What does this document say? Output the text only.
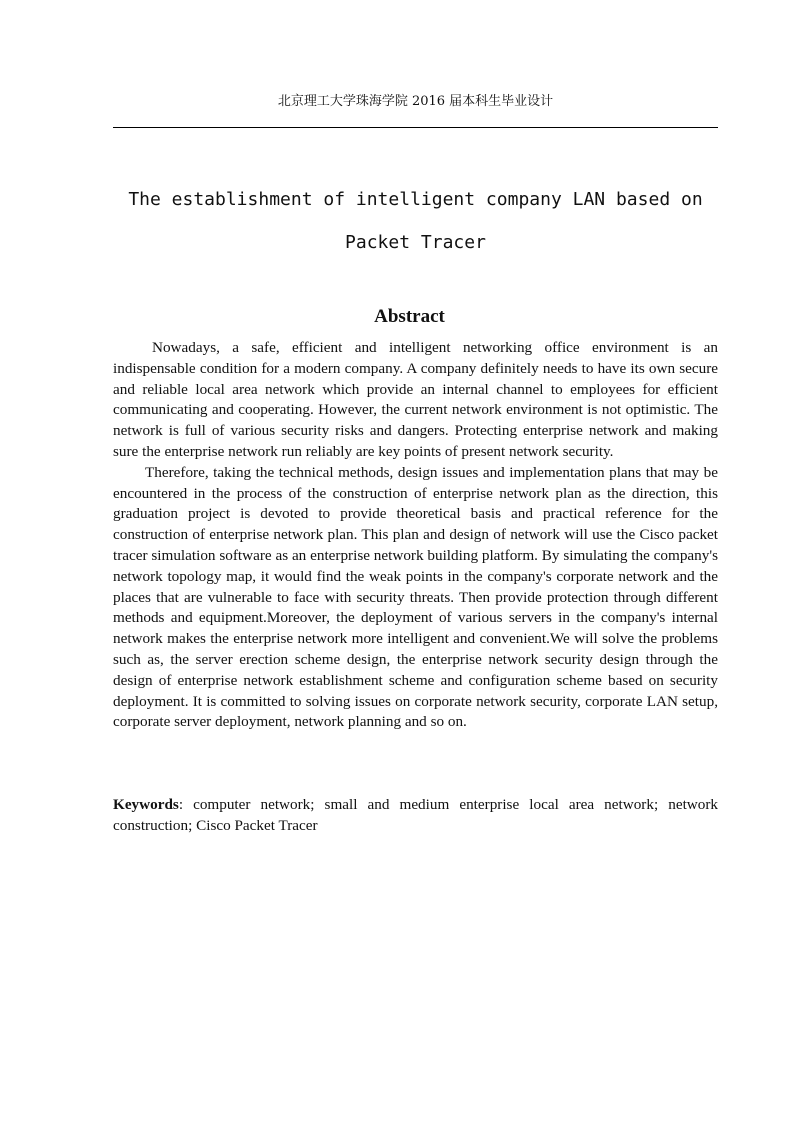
北京理工大学珠海学院 2016 届本科生毕业设计
The establishment of intelligent company LAN based on Packet Tracer
Abstract

Nowadays, a safe, efficient and intelligent networking office environment is an indispensable condition for a modern company. A company definitely needs to have its own secure and reliable local area network which provide an internal channel to employees for efficient communicating and cooperating. However, the current network environment is not optimistic. The network is full of various security risks and dangers. Protecting enterprise network and making sure the enterprise network run reliably are key points of present network security.

Therefore, taking the technical methods, design issues and implementation plans that may be encountered in the process of the construction of enterprise network plan as the direction, this graduation project is devoted to provide theoretical basis and practical reference for the construction of enterprise network plan. This plan and design of network will use the Cisco packet tracer simulation software as an enterprise network building platform. By simulating the company's network topology map, it would find the weak points in the company's corporate network and the places that are vulnerable to face with security threats. Then provide protection through different methods and equipment.Moreover, the deployment of various servers in the company's internal network makes the enterprise network more intelligent and convenient.We will solve the problems such as, the server erection scheme design, the enterprise network security design through the design of enterprise network establishment scheme and configuration scheme based on security deployment. It is committed to solving issues on corporate network security, corporate LAN setup, corporate server deployment, network planning and so on.

Keywords: computer network; small and medium enterprise local area network; network construction; Cisco Packet Tracer
